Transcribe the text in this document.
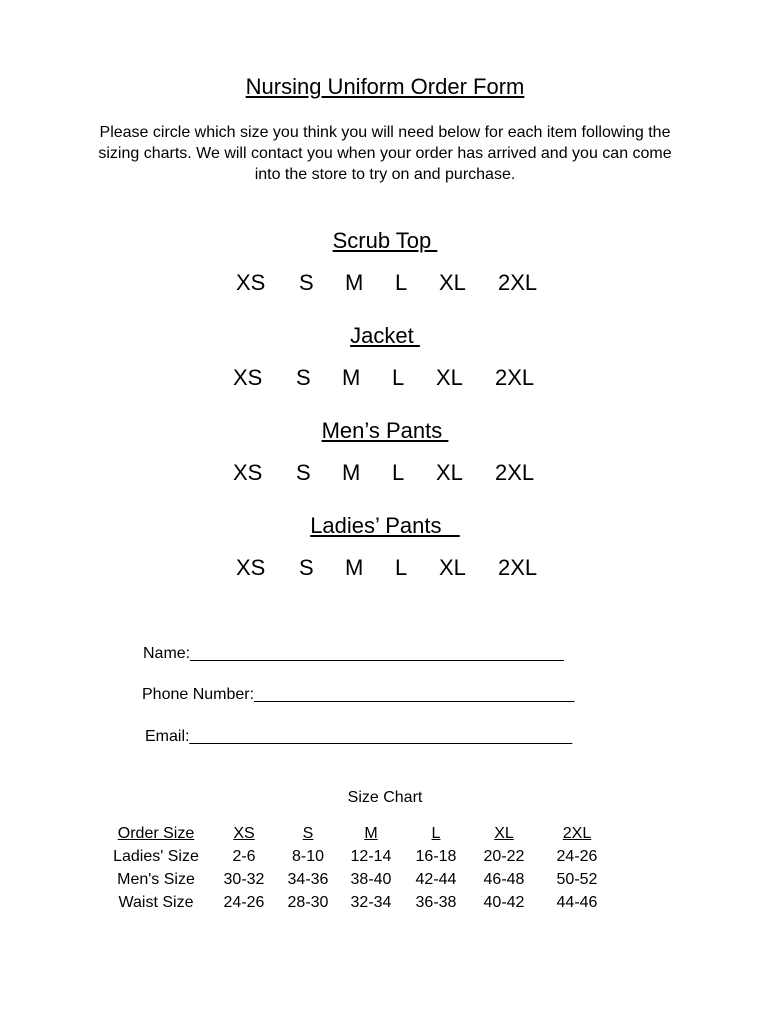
Nursing Uniform Order Form
Please circle which size you think you will need below for each item following the sizing charts. We will contact you when your order has arrived and you can come into the store to try on and purchase.
Scrub Top
XS S M L XL 2XL
Jacket
XS S M L XL 2XL
Men’s Pants
XS S M L XL 2XL
Ladies’ Pants
XS S M L XL 2XL
Name:__________________________________________
Phone Number:____________________________________
Email:___________________________________________
Size Chart
Order Size	XS	S	M	L	XL	2XL
Ladies' Size	2-6	8-10	12-14	16-18	20-22	24-26
Men's Size	30-32	34-36	38-40	42-44	46-48	50-52
Waist Size	24-26	28-30	32-34	36-38	40-42	44-46
